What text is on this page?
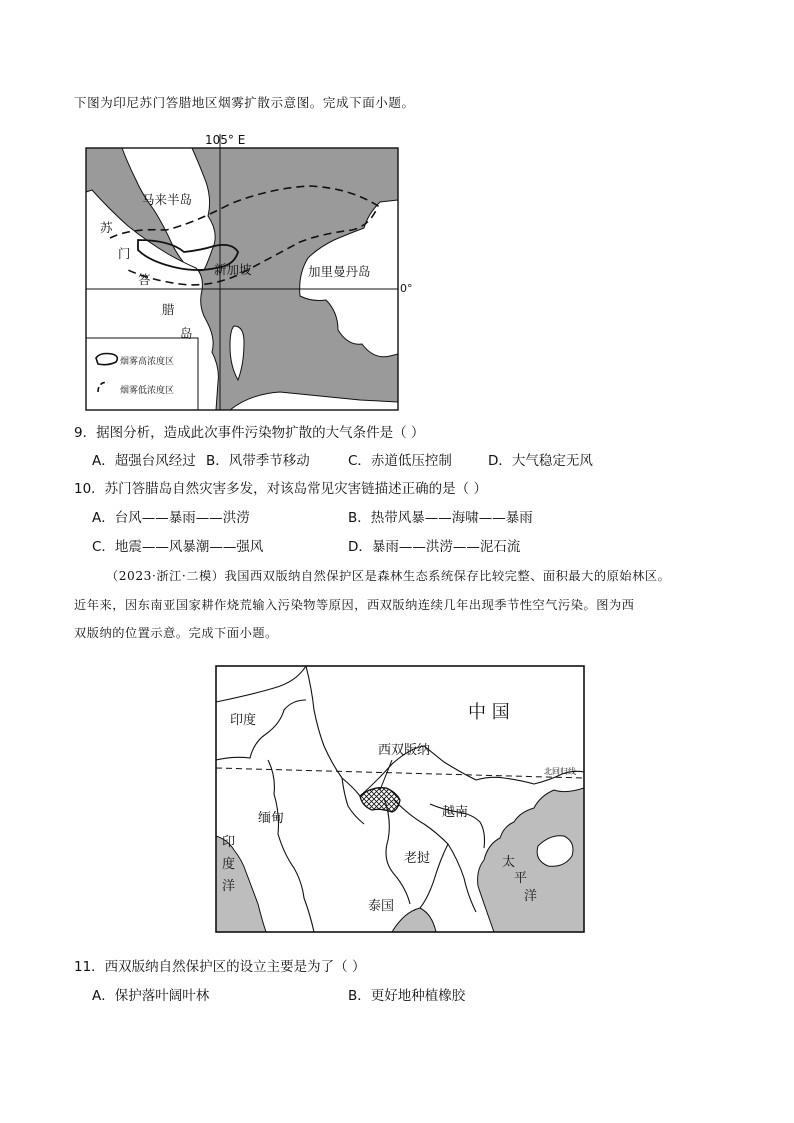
下图为印尼苏门答腊地区烟雾扩散示意图。完成下面小题。
105° E
马来半岛
苏
门
答
腊
岛
新加坡	加里曼丹岛
0°
烟雾高浓度区
烟雾低浓度区
9．据图分析，造成此次事件污染物扩散的大气条件是（ ）
A．超强台风经过 B．风带季节移动	C．赤道低压控制	D．大气稳定无风
10．苏门答腊岛自然灾害多发，对该岛常见灾害链描述正确的是（ ）
A．台风——暴雨——洪涝	B．热带风暴——海啸——暴雨
C．地震——风暴潮——强风	D．暴雨——洪涝——泥石流
（2023·浙江·二模）我国西双版纳自然保护区是森林生态系统保存比较完整、面积最大的原始林区。
近年来，因东南亚国家耕作烧荒输入污染物等原因，西双版纳连续几年出现季节性空气污染。图为西
双版纳的位置示意。完成下面小题。
中 国
印度
西双版纳
北回归线
缅甸	越南
老挝
泰国
印
度
洋
太
平
洋
11．西双版纳自然保护区的设立主要是为了（ ）
A．保护落叶阔叶林	B．更好地种植橡胶
